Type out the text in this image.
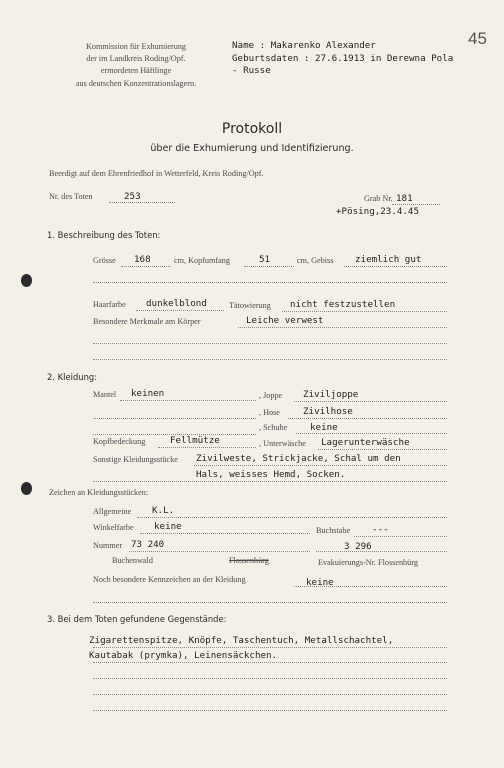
45
Kommission für Exhumierung
der im Landkreis Roding/Opf.
ermordeten Häftlinge
aus deutschen Konzentrationslagern.
Name : Makarenko Alexander
Geburtsdaten : 27.6.1913 in Derewna Pola
- Russe
Protokoll
über die Exhumierung und Identifizierung.
Beerdigt auf dem Ehrenfriedhof in Wetterfeld, Kreis Roding/Opf.
Nr. des Toten	253	Grab Nr. 181
+Pösing,23.4.45
1. Beschreibung des Toten:
Grösse 168	cm, Kopfumfang	51	cm, Gebiss ziemlich gut
Haarfarbe dunkelblond	Tätowierung nicht festzustellen
Besondere Merkmale am Körper	Leiche verwest
2. Kleidung:
Mantel keinen	, Joppe Ziviljoppe
, Hose	Zivilhose
, Schuhe keine
Kopfbedeckung	Fellmütze	, Unterwäsche Lagerunterwäsche
Sonstige Kleidungsstücke Zivilweste, Strickjacke, Schal um den
Hals, weisses Hemd, Socken.
Zeichen an Kleidungsstücken:
Allgemeine K.L.
Winkelfarbe keine	Buchstabe ---
Nummer 73 240	3 296
Buchenwald	Flossenbürg	Evakuierungs-Nr. Flossenbürg
Noch besondere Kennzeichen an der Kleidung	keine
3. Bei dem Toten gefundene Gegenstände:
Zigarettenspitze, Knöpfe, Taschentuch, Metallschachtel,
Kautabak (prymka), Leinensäckchen.
